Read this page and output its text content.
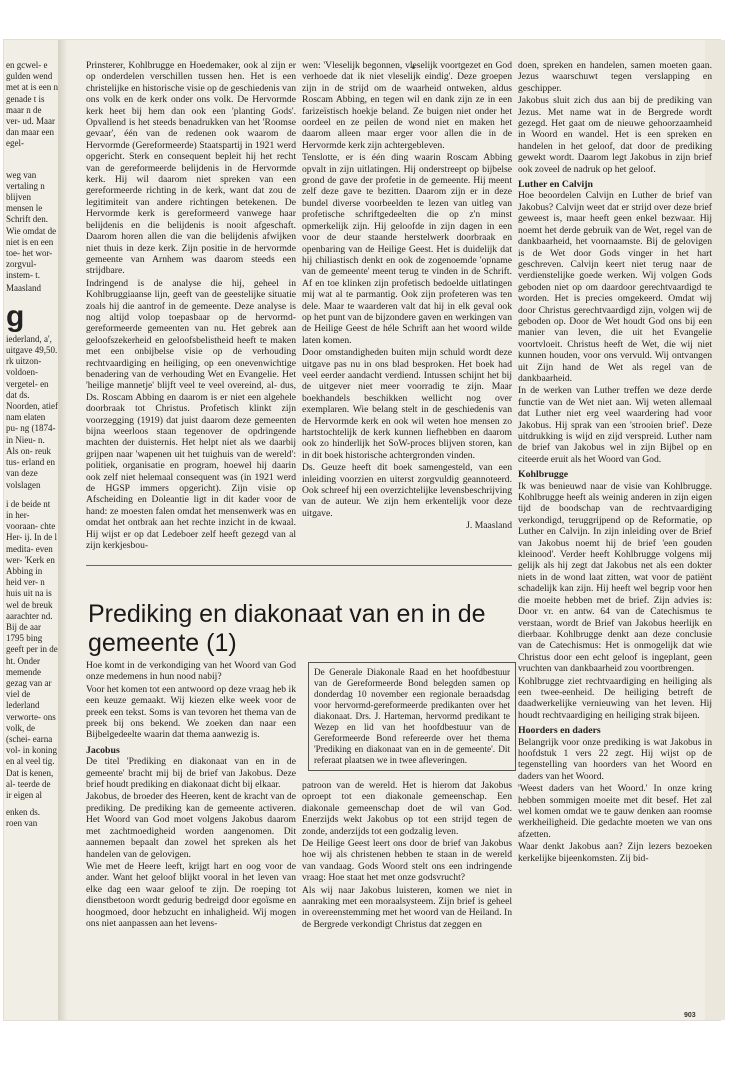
en gcwel- e gulden wend met at is een n genade t is maar n de ver- ud. Maar dan maar een egel-

weg van vertaling n blijven mensen le Schrift den. Wie omdat de niet is en een toe- het wor- zorgvul- instem- t.

Maasland

g

iederland, a', uitgave 49,50. rk uitzon- voldoen- vergetel- en dat ds. Noorden, atief nam elaten pu- ng (1874- in Nieu- n. Als on- reuk tus- erland en van deze volslagen

i de beide nt in her- vooraan- chte Her- ij. In de l medita- even wer- 'Kerk en Abbing in heid ver- n huis uit na is wel de breuk aarachter nd. Bij de aar 1795 bing geeft per in de ht. Onder memende gezag van ar viel de lederland verworte- ons volk, de (schei- earna vol- in koning en al veel tig. Dat is kenen, al- teerde de ir eigen al

enken ds. roen van

Prinsterer, Kohlbrugge en Hoedemaker, ook al zijn er op onderdelen verschillen tussen hen. Het is een christelijke en historische visie op de geschiedenis van ons volk en de kerk onder ons volk. De Hervormde kerk heet bij hem dan ook een 'planting Gods'. Opvallend is het steeds benadrukken van het 'Roomse gevaar', één van de redenen ook waarom de Hervormde (Gereformeerde) Staatspartij in 1921 werd opgericht. Sterk en consequent bepleit hij het recht van de gereformeerde belijdenis in de Hervormde kerk. Hij wil daarom niet spreken van een gereformeerde richting in de kerk, want dat zou de legitimiteit van andere richtingen betekenen. De Hervormde kerk is gereformeerd vanwege haar belijdenis en die belijdenis is nooit afgeschaft. Daarom horen allen die van die belijdenis afwijken niet thuis in deze kerk. Zijn positie in de hervormde gemeente van Arnhem was daarom steeds een strijdbare.

Indringend is de analyse die hij, geheel in Kohlbruggiaanse lijn, geeft van de geestelijke situatie zoals hij die aantrof in de gemeente. Deze analyse is nog altijd volop toepasbaar op de hervormd-gereformeerde gemeenten van nu. Het gebrek aan geloofszekerheid en geloofsbelistheid heeft te maken met een onbijbelse visie op de verhouding rechtvaardiging en heiliging, op een onevenwichtige benadering van de verhouding Wet en Evangelie. Het 'heilige mannetje' blijft veel te veel overeind, al- dus, Ds. Roscam Abbing en daarom is er niet een algehele doorbraak tot Christus. Profetisch klinkt zijn voorzegging (1919) dat juist daarom deze gemeenten bijna weerloos staan tegenover de opdringende machten der duisternis. Het helpt niet als we daarbij grijpen naar 'wapenen uit het tuighuis van de wereld': politiek, organisatie en program, hoewel hij daarin ook zelf niet helemaal consequent was (in 1921 werd de HGSP immers opgericht). Zijn visie op Afscheiding en Doleantie ligt in dit kader voor de hand: ze moesten falen omdat het mensenwerk was en omdat het ontbrak aan het rechte inzicht in de kwaal. Hij wijst er op dat Ledeboer zelf heeft gezegd van al zijn kerkjesbou-

wen: 'Vleselijk begonnen, vleselijk voortgezet en God verhoede dat ik niet vleselijk eindig'. Deze groepen zijn in de strijd om de waarheid ontweken, aldus Roscam Abbing, en tegen wil en dank zijn ze in een farizeïstisch hoekje beland. Ze buigen niet onder het oordeel en ze peilen de wond niet en maken het daarom alleen maar erger voor allen die in de Hervormde kerk zijn achtergebleven.

Tenslotte, er is één ding waarin Roscam Abbing opvalt in zijn uitlatingen. Hij onderstreept op bijbelse grond de gave der profetie in de gemeente. Hij meent zelf deze gave te bezitten. Daarom zijn er in deze bundel diverse voorbeelden te lezen van uitleg van profetische schriftgedeelten die op z'n minst opmerkelijk zijn. Hij geloofde in zijn dagen in een voor de deur staande herstelwerk doorbraak en openbaring van de Heilige Geest. Het is duidelijk dat hij chiliastisch denkt en ook de zogenoemde 'opname van de gemeente' meent terug te vinden in de Schrift. Af en toe klinken zijn profetisch bedoelde uitlatingen mij wat al te parmantig. Ook zijn profeteren was ten dele. Maar te waarderen valt dat hij in elk geval ook op het punt van de bijzondere gaven en werkingen van de Heilige Geest de héle Schrift aan het woord wilde laten komen.

Door omstandigheden buiten mijn schuld wordt deze uitgave pas nu in ons blad besproken. Het boek had veel eerder aandacht verdiend. Intussen schijnt het bij de uitgever niet meer voorradig te zijn. Maar boekhandels beschikken wellicht nog over exemplaren. Wie belang stelt in de geschiedenis van de Hervormde kerk en ook wil weten hoe mensen zo hartstochtelijk de kerk kunnen liefhebben en daarom ook zo hinderlijk het SoW-proces blijven storen, kan in dit boek historische achtergronden vinden.

Ds. Geuze heeft dit boek samengesteld, van een inleiding voorzien en uiterst zorgvuldig geannoteerd. Ook schreef hij een overzichtelijke levensbeschrijving van de auteur. We zijn hem erkentelijk voor deze uitgave.

J. Maasland

doen, spreken en handelen, samen moeten gaan. Jezus waarschuwt tegen verslapping en geschipper.

Jakobus sluit zich dus aan bij de prediking van Jezus. Met name wat in de Bergrede wordt gezegd. Het gaat om de nieuwe gehoorzaamheid in Woord en wandel. Het is een spreken en handelen in het geloof, dat door de prediking gewekt wordt. Daarom legt Jakobus in zijn brief ook zoveel de nadruk op het geloof.

Luther en Calvijn

Hoe beoordelen Calvijn en Luther de brief van Jakobus? Calvijn weet dat er strijd over deze brief geweest is, maar heeft geen enkel bezwaar. Hij noemt het derde gebruik van de Wet, regel van de dankbaarheid, het voornaamste. Bij de gelovigen is de Wet door Gods vinger in het hart geschreven. Calvijn keert niet terug naar de verdienstelijke goede werken. Wij volgen Gods geboden niet op om daardoor gerechtvaardigd te worden. Het is precies omgekeerd. Omdat wij door Christus gerechtvaardigd zijn, volgen wij de geboden op. Door de Wet houdt God ons bij een manier van leven, die uit het Evangelie voortvloeit. Christus heeft de Wet, die wij niet kunnen houden, voor ons vervuld. Wij ontvangen uit Zijn hand de Wet als regel van de dankbaarheid.

In de werken van Luther treffen we deze derde functie van de Wet niet aan. Wij weten allemaal dat Luther niet erg veel waardering had voor Jakobus. Hij sprak van een 'strooien brief'. Deze uitdrukking is wijd en zijd verspreid. Luther nam de brief van Jakobus wel in zijn Bijbel op en citeerde eruit als het Woord van God.

Kohlbrugge

Ik was benieuwd naar de visie van Kohlbrugge. Kohlbrugge heeft als weinig anderen in zijn eigen tijd de boodschap van de rechtvaardiging verkondigd, teruggrijpend op de Reformatie, op Luther en Calvijn. In zijn inleiding over de Brief van Jakobus noemt hij de brief 'een gouden kleinood'. Verder heeft Kohlbrugge volgens mij gelijk als hij zegt dat Jakobus net als een dokter niets in de wond laat zitten, wat voor de patiënt schadelijk kan zijn. Hij heeft wel begrip voor hen die moeite hebben met de brief. Zijn advies is: Door vr. en antw. 64 van de Catechismus te verstaan, wordt de Brief van Jakobus heerlijk en dierbaar. Kohlbrugge denkt aan deze conclusie van de Catechismus: Het is onmogelijk dat wie Christus door een echt geloof is ingeplant, geen vruchten van dankbaarheid zou voortbrengen.

Kohlbrugge ziet rechtvaardiging en heiliging als een twee-eenheid. De heiliging betreft de daadwerkelijke vernieuwing van het leven. Hij houdt rechtvaardiging en heiliging strak bijeen.

Hoorders en daders

Belangrijk voor onze prediking is wat Jakobus in hoofdstuk 1 vers 22 zegt. Hij wijst op de tegenstelling van hoorders van het Woord en daders van het Woord.

'Weest daders van het Woord.' In onze kring hebben sommigen moeite met dit besef. Het zal wel komen omdat we te gauw denken aan roomse werkheiligheid. Die gedachte moeten we van ons afzetten.

Waar denkt Jakobus aan? Zijn lezers bezoeken kerkelijke bijeenkomsten. Zij bid-

Prediking en diakonaat van en in de gemeente (1)

Hoe komt in de verkondiging van het Woord van God onze medemens in hun nood nabij?

Voor het komen tot een antwoord op deze vraag heb ik een keuze gemaakt. Wij kiezen elke week voor de preek een tekst. Soms is van tevoren het thema van de preek bij ons bekend. We zoeken dan naar een Bijbelgedeelte waarin dat thema aanwezig is.

Jacobus

De titel 'Prediking en diakonaat van en in de gemeente' bracht mij bij de brief van Jakobus. Deze brief houdt prediking en diakonaat dicht bij elkaar.

Jakobus, de broeder des Heeren, kent de kracht van de prediking. De prediking kan de gemeente activeren. Het Woord van God moet volgens Jakobus daarom met zachtmoedigheid worden aangenomen. Dit aannemen bepaalt dan zowel het spreken als het handelen van de gelovigen.

Wie met de Heere leeft, krijgt hart en oog voor de ander. Want het geloof blijkt vooral in het leven van elke dag een waar geloof te zijn. De roeping tot dienstbetoon wordt gedurig bedreigd door egoïsme en hoogmoed, door hebzucht en inhaligheid. Wij mogen ons niet aanpassen aan het levens-

De Generale Diakonale Raad en het hoofdbestuur van de Gereformeerde Bond belegden samen op donderdag 10 november een regionale beraadsdag voor hervormd-gereformeerde predikanten over het diakonaat. Drs. J. Harteman, hervormd predikant te Wezep en lid van het hoofdbestuur van de Gereformeerde Bond refereerde over het thema 'Prediking en diakonaat van en in de gemeente'. Dit referaat plaatsen we in twee afleveringen.

patroon van de wereld. Het is hierom dat Jakobus oproept tot een diakonale gemeenschap. Een diakonale gemeenschap doet de wil van God. Enerzijds wekt Jakobus op tot een strijd tegen de zonde, anderzijds tot een godzalig leven.

De Heilige Geest leert ons door de brief van Jakobus hoe wij als christenen hebben te staan in de wereld van vandaag. Gods Woord stelt ons een indringende vraag: Hoe staat het met onze godsvrucht?

Als wij naar Jakobus luisteren, komen we niet in aanraking met een moraalsysteem. Zijn brief is geheel in overeenstemming met het woord van de Heiland. In de Bergrede verkondigt Christus dat zeggen en

903
